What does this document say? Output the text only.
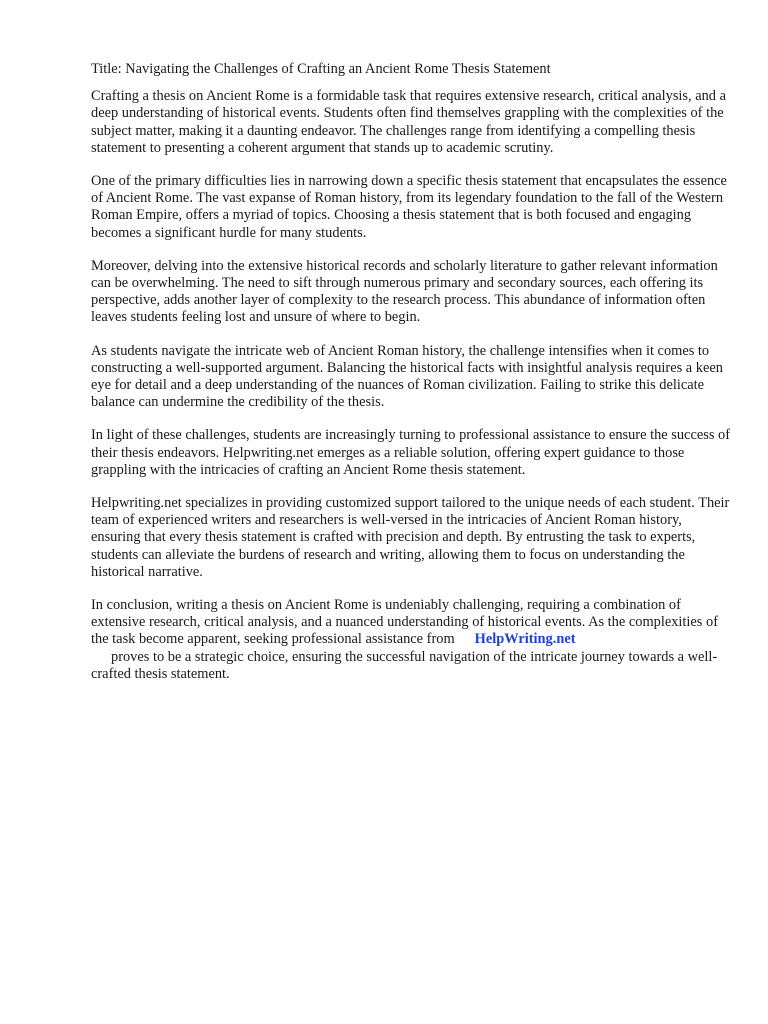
Title: Navigating the Challenges of Crafting an Ancient Rome Thesis Statement

Crafting a thesis on Ancient Rome is a formidable task that requires extensive research, critical analysis, and a deep understanding of historical events. Students often find themselves grappling with the complexities of the subject matter, making it a daunting endeavor. The challenges range from identifying a compelling thesis statement to presenting a coherent argument that stands up to academic scrutiny.

One of the primary difficulties lies in narrowing down a specific thesis statement that encapsulates the essence of Ancient Rome. The vast expanse of Roman history, from its legendary foundation to the fall of the Western Roman Empire, offers a myriad of topics. Choosing a thesis statement that is both focused and engaging becomes a significant hurdle for many students.

Moreover, delving into the extensive historical records and scholarly literature to gather relevant information can be overwhelming. The need to sift through numerous primary and secondary sources, each offering its perspective, adds another layer of complexity to the research process. This abundance of information often leaves students feeling lost and unsure of where to begin.

As students navigate the intricate web of Ancient Roman history, the challenge intensifies when it comes to constructing a well-supported argument. Balancing the historical facts with insightful analysis requires a keen eye for detail and a deep understanding of the nuances of Roman civilization. Failing to strike this delicate balance can undermine the credibility of the thesis.

In light of these challenges, students are increasingly turning to professional assistance to ensure the success of their thesis endeavors. Helpwriting.net emerges as a reliable solution, offering expert guidance to those grappling with the intricacies of crafting an Ancient Rome thesis statement.

Helpwriting.net specializes in providing customized support tailored to the unique needs of each student. Their team of experienced writers and researchers is well-versed in the intricacies of Ancient Roman history, ensuring that every thesis statement is crafted with precision and depth. By entrusting the task to experts, students can alleviate the burdens of research and writing, allowing them to focus on understanding the historical narrative.

In conclusion, writing a thesis on Ancient Rome is undeniably challenging, requiring a combination of extensive research, critical analysis, and a nuanced understanding of historical events. As the complexities of the task become apparent, seeking professional assistance from HelpWriting.net
proves to be a strategic choice, ensuring the successful navigation of the intricate journey towards a well-crafted thesis statement.
